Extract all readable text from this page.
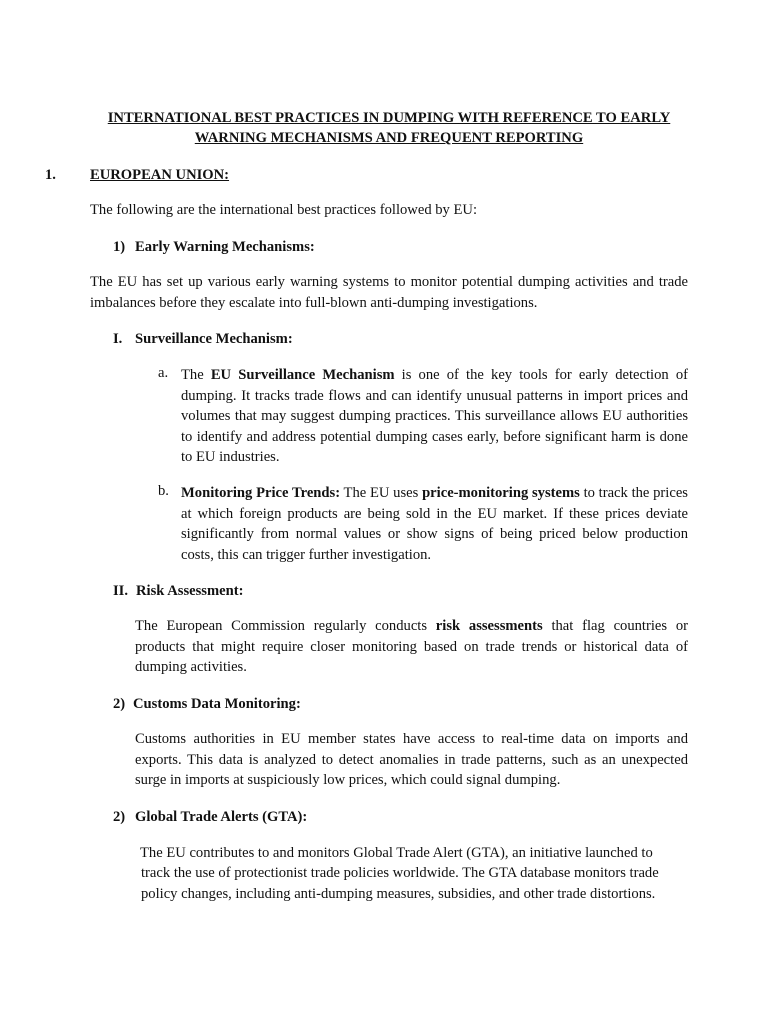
INTERNATIONAL BEST PRACTICES IN DUMPING WITH REFERENCE TO EARLY WARNING MECHANISMS AND FREQUENT REPORTING
1. EUROPEAN UNION:

The following are the international best practices followed by EU:

1) Early Warning Mechanisms:

The EU has set up various early warning systems to monitor potential dumping activities and trade imbalances before they escalate into full-blown anti-dumping investigations.

I. Surveillance Mechanism:
a. The EU Surveillance Mechanism is one of the key tools for early detection of dumping. It tracks trade flows and can identify unusual patterns in import prices and volumes that may suggest dumping practices. This surveillance allows EU authorities to identify and address potential dumping cases early, before significant harm is done to EU industries.

b. Monitoring Price Trends: The EU uses price-monitoring systems to track the prices at which foreign products are being sold in the EU market. If these prices deviate significantly from normal values or show signs of being priced below production costs, this can trigger further investigation.

II. Risk Assessment:

The European Commission regularly conducts risk assessments that flag countries or products that might require closer monitoring based on trade trends or historical data of dumping activities.

2) Customs Data Monitoring:

Customs authorities in EU member states have access to real-time data on imports and exports. This data is analyzed to detect anomalies in trade patterns, such as an unexpected surge in imports at suspiciously low prices, which could signal dumping.

2) Global Trade Alerts (GTA):
The EU contributes to and monitors Global Trade Alert (GTA), an initiative launched to
track the use of protectionist trade policies worldwide. The GTA database monitors trade
policy changes, including anti-dumping measures, subsidies, and other trade distortions.
